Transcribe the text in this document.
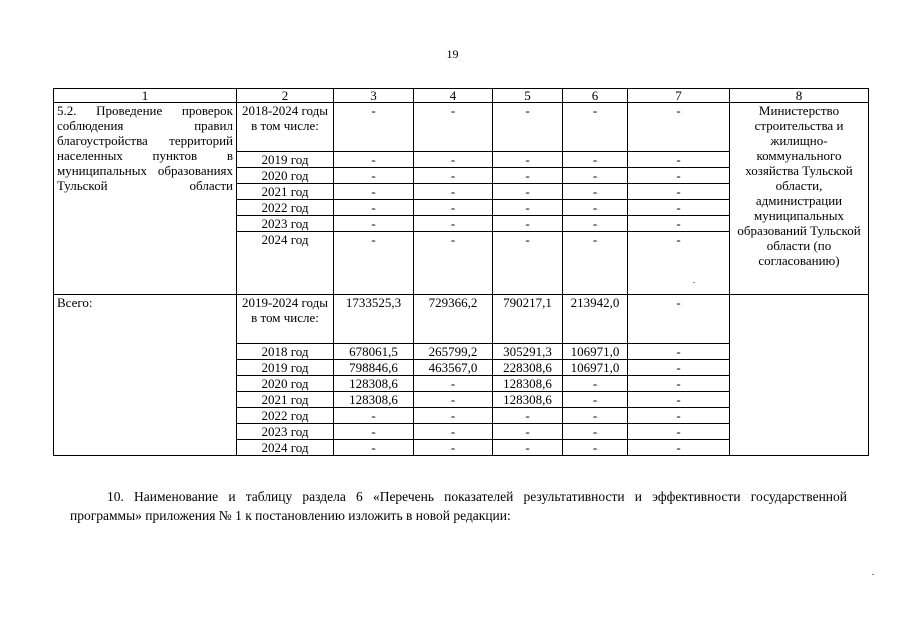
19
1	2	3	4	5	6	7	8
5.2. Проведение проверок соблюдения правил благоустройства территорий населенных пунктов в муниципальных образованиях Тульской области	2018-2024 годы в том числе:	-	-	-	-	-	Министерство строительства и жилищно-коммунального хозяйства Тульской области, администрации муниципальных образований Тульской области (по согласованию)
	2019 год	-	-	-	-	-	
	2020 год	-	-	-	-	-	
	2021 год	-	-	-	-	-	
	2022 год	-	-	-	-	-	
	2023 год	-	-	-	-	-	
	2024 год	-	-	-	-	-	
Всего:	2019-2024 годы в том числе:	1733525,3	729366,2	790217,1	213942,0	-	
	2018 год	678061,5	265799,2	305291,3	106971,0	-	
	2019 год	798846,6	463567,0	228308,6	106971,0	-	
	2020 год	128308,6	-	128308,6	-	-	
	2021 год	128308,6	-	128308,6	-	-	
	2022 год	-	-	-	-	-	
	2023 год	-	-	-	-	-	
	2024 год	-	-	-	-	-	
10. Наименование и таблицу раздела 6 «Перечень показателей результативности и эффективности государственной программы» приложения № 1 к постановлению изложить в новой редакции:
